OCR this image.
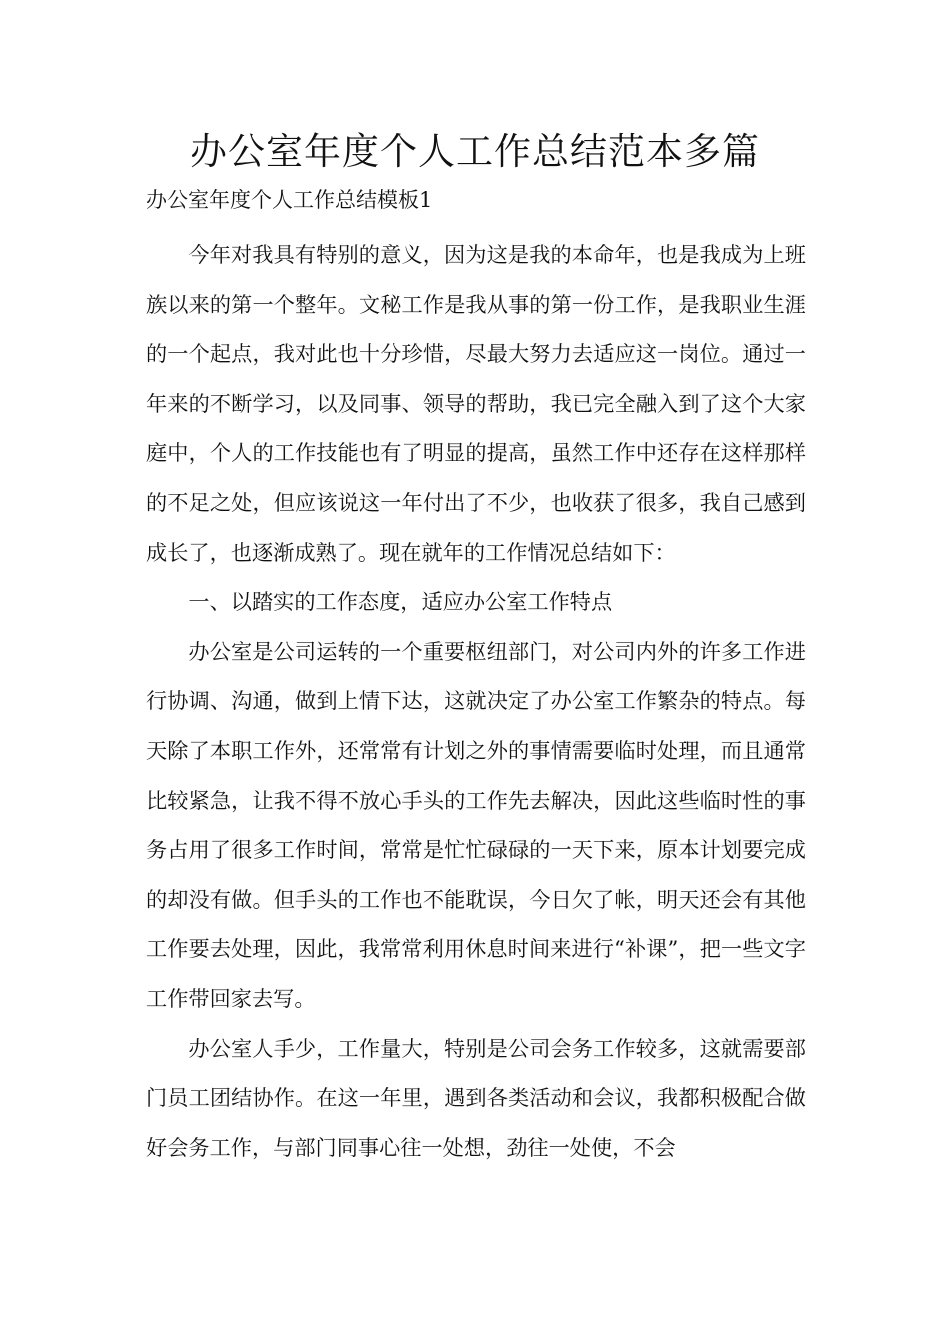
办公室年度个人工作总结范本多篇

办公室年度个人工作总结模板1

今年对我具有特别的意义，因为这是我的本命年，也是我成为上班族以来的第一个整年。文秘工作是我从事的第一份工作，是我职业生涯的一个起点，我对此也十分珍惜，尽最大努力去适应这一岗位。通过一年来的不断学习，以及同事、领导的帮助，我已完全融入到了这个大家庭中，个人的工作技能也有了明显的提高，虽然工作中还存在这样那样的不足之处，但应该说这一年付出了不少，也收获了很多，我自己感到成长了，也逐渐成熟了。现在就年的工作情况总结如下：

一、以踏实的工作态度，适应办公室工作特点

办公室是公司运转的一个重要枢纽部门，对公司内外的许多工作进行协调、沟通，做到上情下达，这就决定了办公室工作繁杂的特点。每天除了本职工作外，还常常有计划之外的事情需要临时处理，而且通常比较紧急，让我不得不放心手头的工作先去解决，因此这些临时性的事务占用了很多工作时间，常常是忙忙碌碌的一天下来，原本计划要完成的却没有做。但手头的工作也不能耽误，今日欠了帐，明天还会有其他工作要去处理，因此，我常常利用休息时间来进行“补课”，把一些文字工作带回家去写。

办公室人手少，工作量大，特别是公司会务工作较多，这就需要部门员工团结协作。在这一年里，遇到各类活动和会议，我都积极配合做好会务工作，与部门同事心往一处想，劲往一处使，不会
